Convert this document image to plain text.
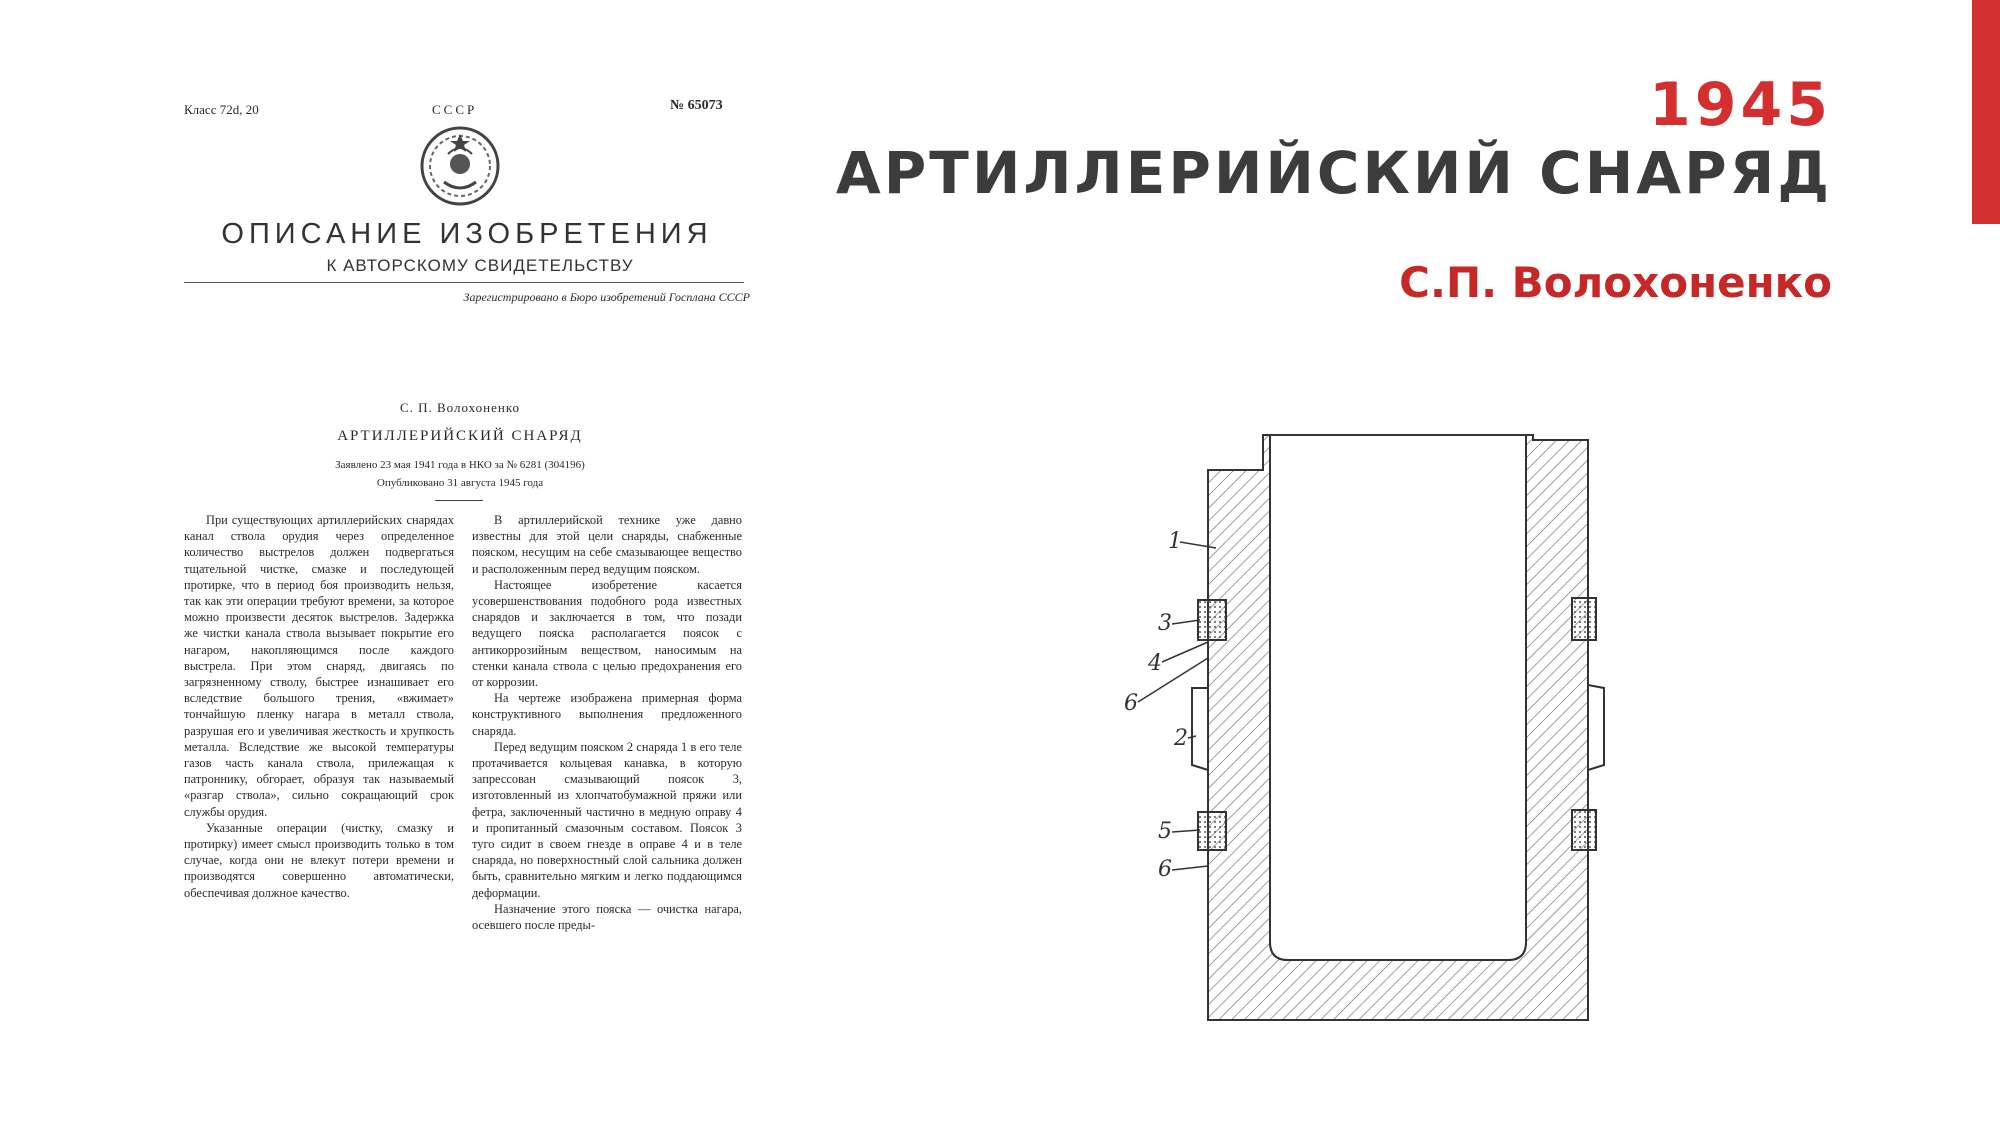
1945
АРТИЛЛЕРИЙСКИЙ СНАРЯД
С.П. Волохоненко
Класс 72d, 20	СССР	№ 65073
ОПИСАНИЕ ИЗОБРЕТЕНИЯ
К АВТОРСКОМУ СВИДЕТЕЛЬСТВУ
Зарегистрировано в Бюро изобретений Госплана СССР
С. П. Волохоненко
АРТИЛЛЕРИЙСКИЙ СНАРЯД
Заявлено 23 мая 1941 года в НКО за № 6281 (304196)
Опубликовано 31 августа 1945 года

При существующих артиллерийских снарядах канал ствола орудия через определенное количество выстрелов должен подвергаться тщательной чистке, смазке и последующей протирке, что в период боя производить нельзя, так как эти операции требуют времени, за которое можно произвести десяток выстрелов. Задержка же чистки канала ствола вызывает покрытие его нагаром, накопляющимся после каждого выстрела. При этом снаряд, двигаясь по загрязненному стволу, быстрее изнашивает его вследствие большого трения, «вжимает» тончайшую пленку нагара в металл ствола, разрушая его и увеличивая жесткость и хрупкость металла. Вследствие же высокой температуры газов часть канала ствола, прилежащая к патроннику, обгорает, образуя так называемый «разгар ствола», сильно сокращающий срок службы орудия.

Указанные операции (чистку, смазку и протирку) имеет смысл производить только в том случае, когда они не влекут потери времени и производятся совершенно автоматически, обеспечивая должное качество.

В артиллерийской технике уже давно известны для этой цели снаряды, снабженные пояском, несущим на себе смазывающее вещество и расположенным перед ведущим пояском.

Настоящее изобретение касается усовершенствования подобного рода известных снарядов и заключается в том, что позади ведущего пояска располагается поясок с антикоррозийным веществом, наносимым на стенки канала ствола с целью предохранения его от коррозии.

На чертеже изображена примерная форма конструктивного выполнения предложенного снаряда.

Перед ведущим пояском 2 снаряда 1 в его теле протачивается кольцевая канавка, в которую запрессован смазывающий поясок 3, изготовленный из хлопчатобумажной пряжи или фетра, заключенный частично в медную оправу 4 и пропитанный смазочным составом. Поясок 3 туго сидит в своем гнезде в оправе 4 и в теле снаряда, но поверхностный слой сальника должен быть, сравнительно мягким и легко поддающимся деформации.

Назначение этого пояска — очистка нагара, осевшего после преды-

1
3
4
6
2
5
6
